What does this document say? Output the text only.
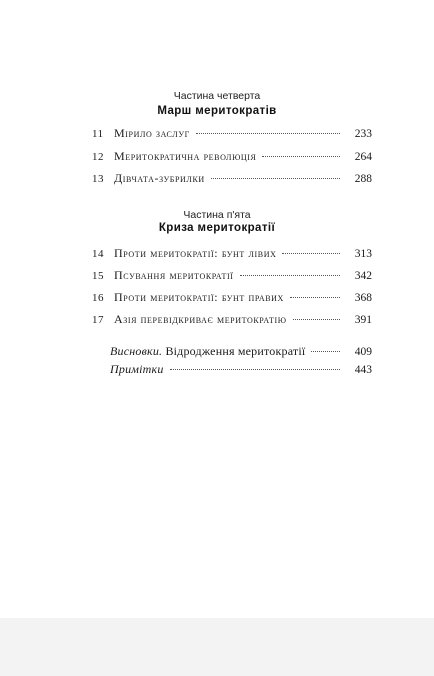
Частина четверта
Марш меритократів
11 Мірило заслуг	233
12 Меритократична революція	264
13 Дівчата-зубрилки	288
Частина п'ята
Криза меритократії
14 Проти меритократії: бунт лівих	313
15 Псування меритократії	342
16 Проти меритократії: бунт правих	368
17 Азія перевідкриває меритократію	391
Висновки. Відродження меритократії	409
Примітки	443
